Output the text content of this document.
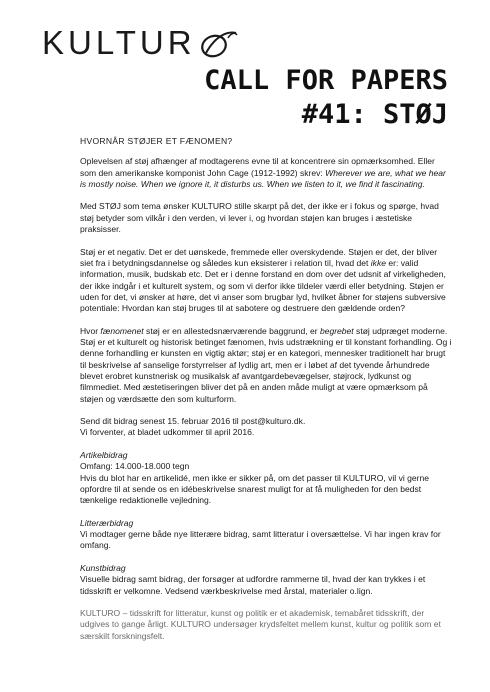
KULTUR
CALL FOR PAPERS
#41: STØJ

HVORNÅR STØJER ET FÆNOMEN?

Oplevelsen af støj afhænger af modtagerens evne til at koncentrere sin opmærksomhed. Eller som den amerikanske komponist John Cage (1912-1992) skrev: Wherever we are, what we hear is mostly noise. When we ignore it, it disturbs us. When we listen to it, we find it fascinating.

Med STØJ som tema ønsker KULTURO stille skarpt på det, der ikke er i fokus og spørge, hvad støj betyder som vilkår i den verden, vi lever i, og hvordan støjen kan bruges i æstetiske praksisser.

Støj er et negativ. Det er det uønskede, fremmede eller overskydende. Støjen er det, der bliver siet fra i betydningsdannelse og således kun eksisterer i relation til, hvad det ikke er: valid information, musik, budskab etc. Det er i denne forstand en dom over det udsnit af virkeligheden, der ikke indgår i et kulturelt system, og som vi derfor ikke tildeler værdi eller betydning. Støjen er uden for det, vi ønsker at høre, det vi anser som brugbar lyd, hvilket åbner for støjens subversive potentiale: Hvordan kan støj bruges til at sabotere og destruere den gældende orden?

Hvor fænomenet støj er en allestedsnærværende baggrund, er begrebet støj udpræget moderne. Støj er et kulturelt og historisk betinget fænomen, hvis udstrækning er til konstant forhandling. Og i denne forhandling er kunsten en vigtig aktør; støj er en kategori, mennesker traditionelt har brugt til beskrivelse af sanselige forstyrrelser af lydlig art, men er i løbet af det tyvende århundrede blevet erobret kunstnerisk og musikalsk af avantgardebevægelser, støjrock, lydkunst og filmmediet. Med æstetiseringen bliver det på en anden måde muligt at være opmærksom på støjen og værdsætte den som kulturform.

Send dit bidrag senest 15. februar 2016 til post@kulturo.dk.

Vi forventer, at bladet udkommer til april 2016.

Artikelbidrag

Omfang: 14.000-18.000 tegn

Hvis du blot har en artikelidé, men ikke er sikker på, om det passer til KULTURO, vil vi gerne opfordre til at sende os en idébeskrivelse snarest muligt for at få muligheden for den bedst tænkelige redaktionelle vejledning.

Litterærbidrag

Vi modtager gerne både nye litterære bidrag, samt litteratur i oversættelse. Vi har ingen krav for omfang.

Kunstbidrag

Visuelle bidrag samt bidrag, der forsøger at udfordre rammerne til, hvad der kan trykkes i et tidsskrift er velkomne. Vedsend værkbeskrivelse med årstal, materialer o.lign.

KULTURO – tidsskrift for litteratur, kunst og politik er et akademisk, temabåret tidsskrift, der udgives to gange årligt. KULTURO undersøger krydsfeltet mellem kunst, kultur og politik som et særskilt forskningsfelt.
